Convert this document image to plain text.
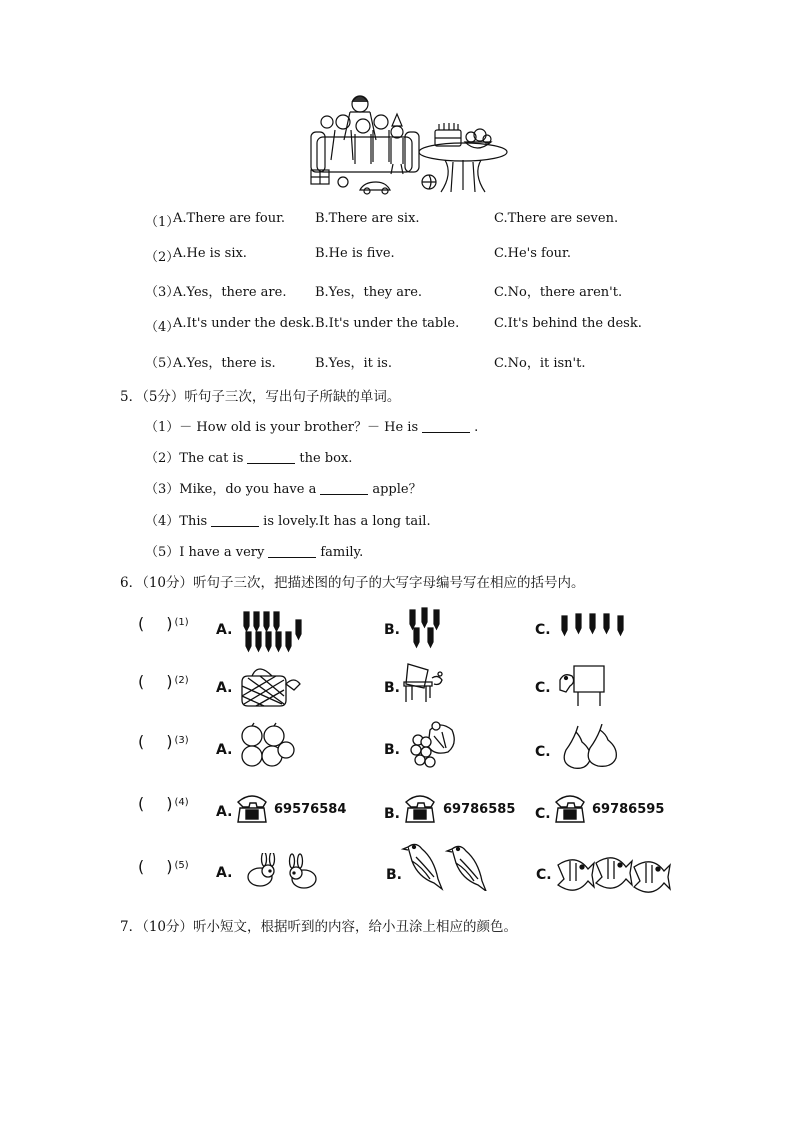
（1）
A.There are four. B.There are six.	C.There are seven.
（2）
A.He is six.	B.He is five.	C.He's four.
（3）
A.Yes，there are. B.Yes，they are.	C.No，there aren't.
（4）
A.It's under the desk. B.It's under the table.	C.It's behind the desk.
（5）
A.Yes，there is.	B.Yes，it is.	C.No，it isn't.
5．（5分）听句子三次，写出句子所缺的单词。
（1）－ How old is your brother？－ He is	.
（2）The cat is	the box.
（3）Mike，do you have a	apple？
（4）This	is lovely.It has a long tail.
（5）I have a very	family.
6．（10分）听句子三次，把描述图的句子的大写字母编号写在相应的括号内。
( ) $^{(1)}$ A.	B.	C.
( ) $^{(2)}$ A.	B.	C.
( ) $^{(3)}$
A.	B.	C.
( ) $^{(4)}$
A.	69576584	B.	69786585 C.	69786595
( ) $^{(5)}$ A.	B.	C.
7．（10分）听小短文，根据听到的内容，给小丑涂上相应的颜色。
